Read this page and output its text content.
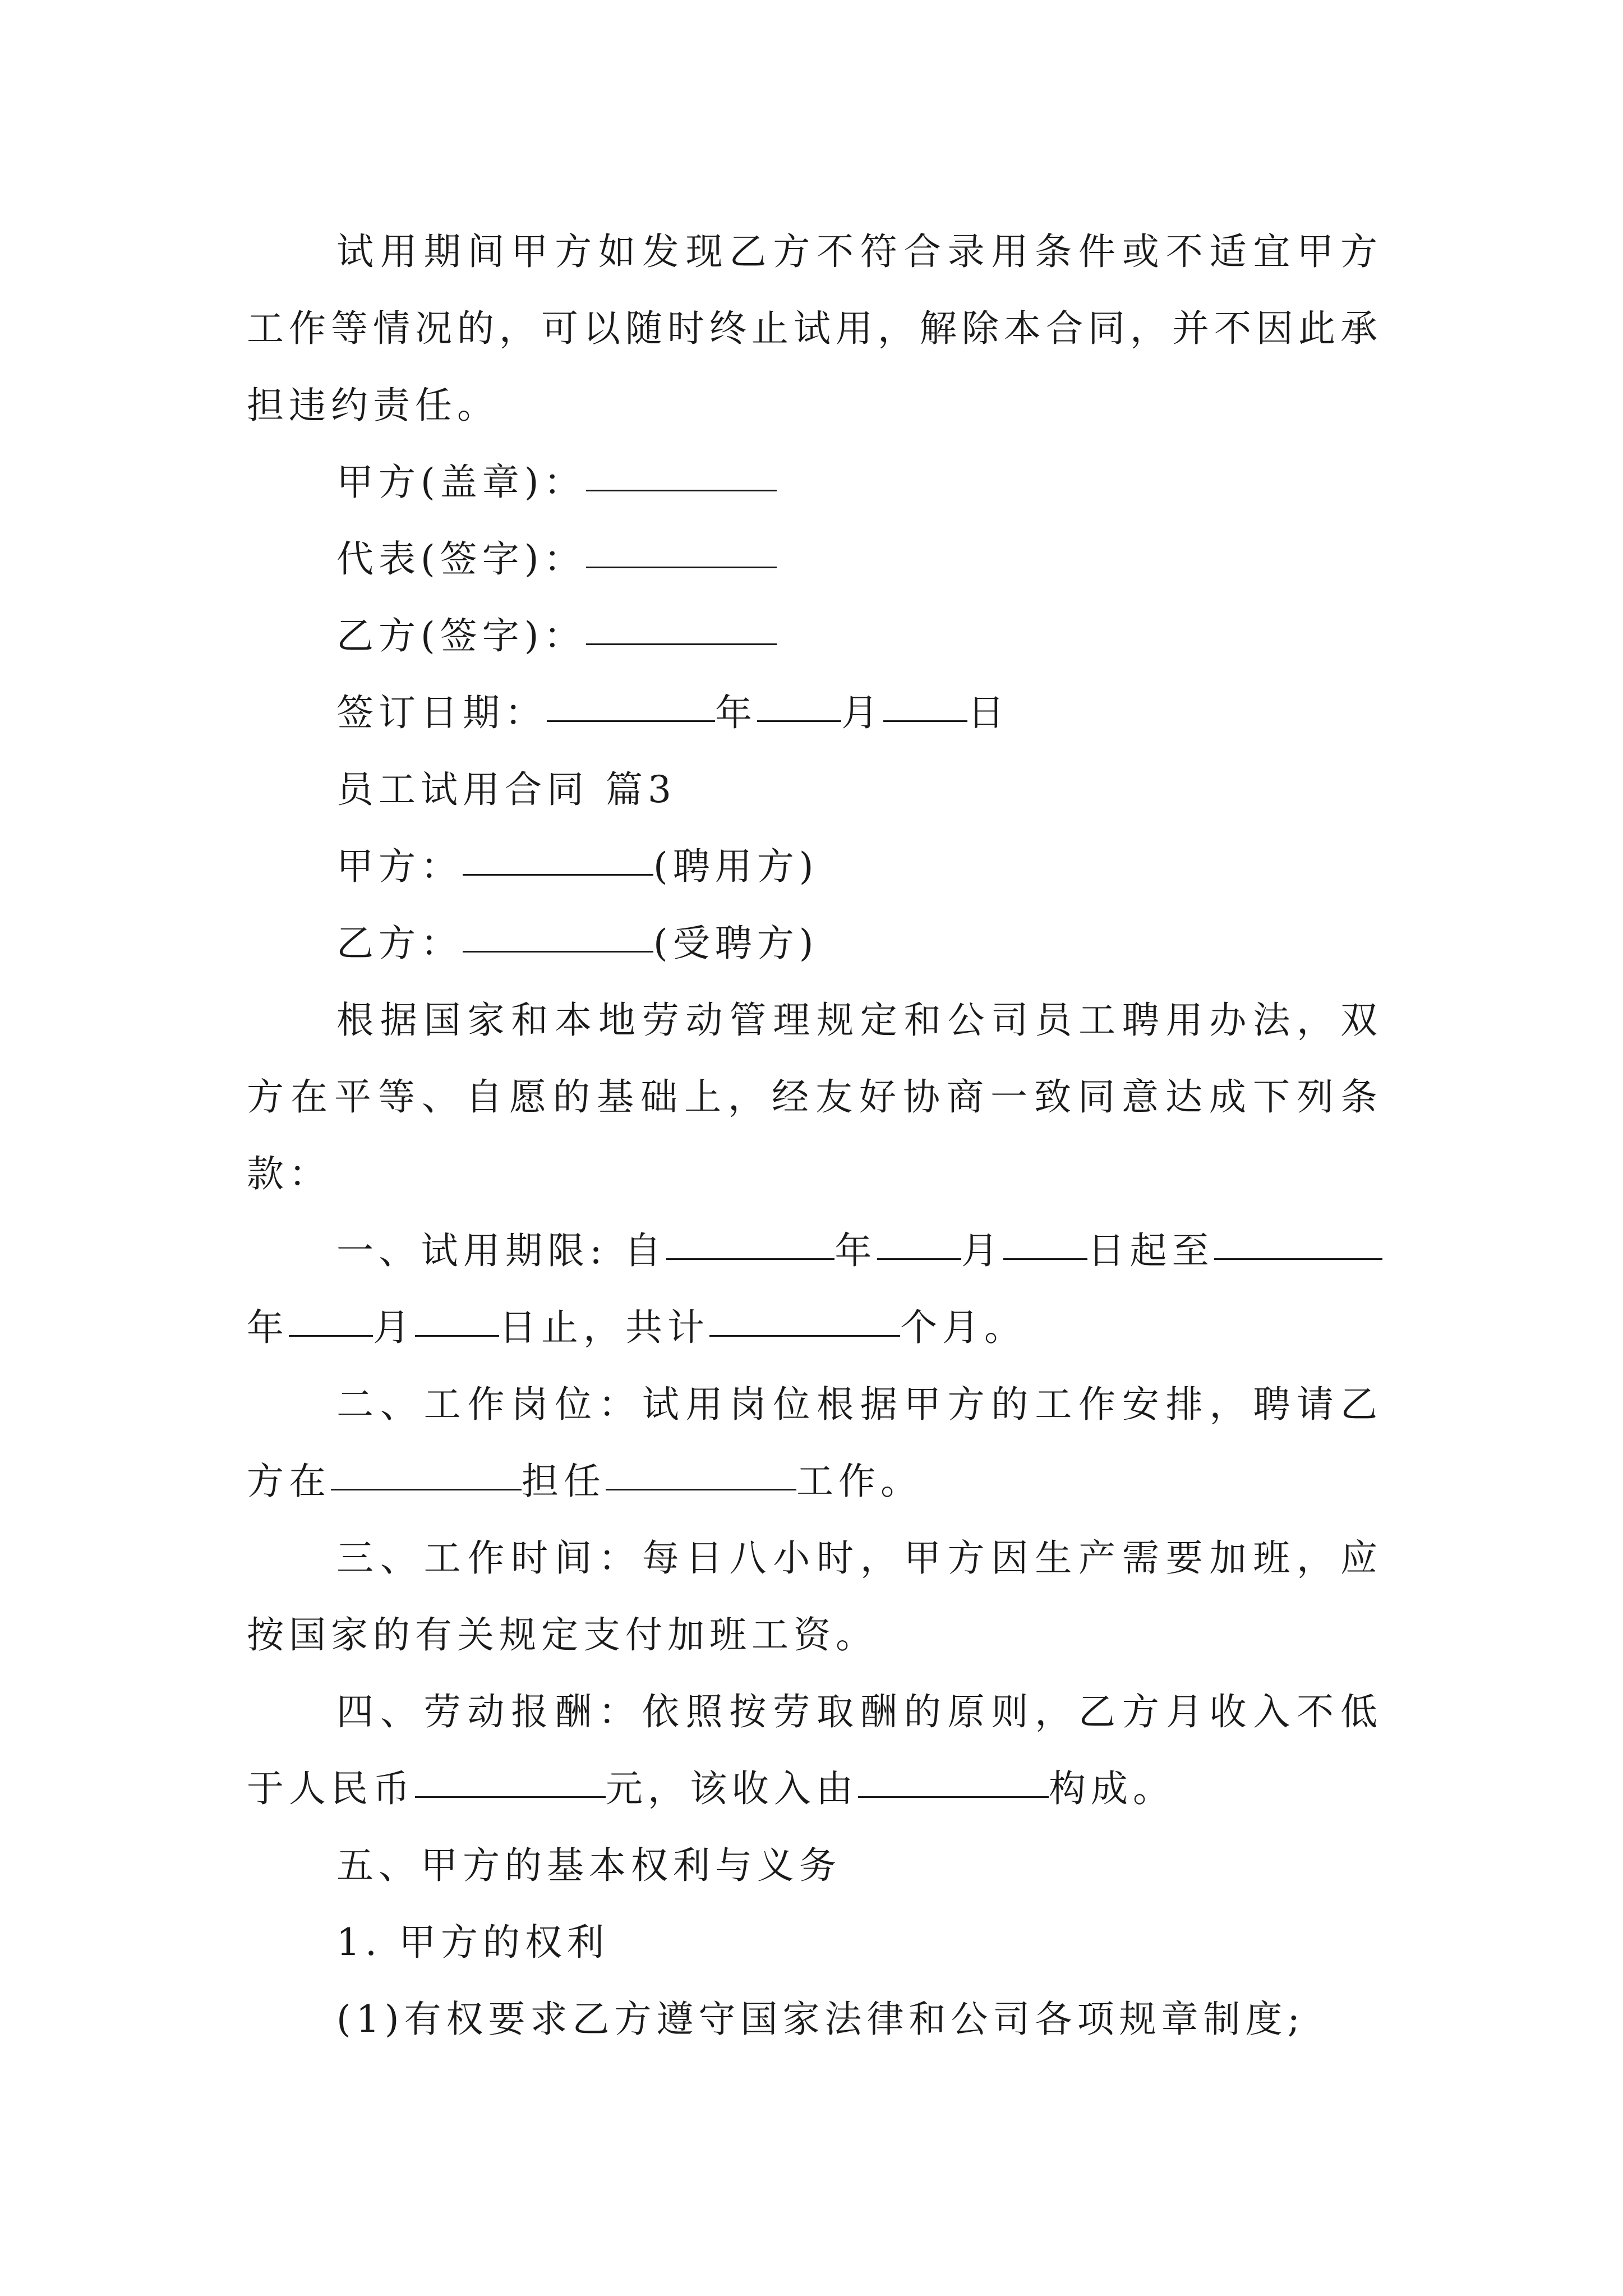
试用期间甲方如发现乙方不符合录用条件或不适宜甲方工作等情况的，可以随时终止试用，解除本合同，并不因此承担违约责任。

甲方(盖章)：
代表(签字)：
乙方(签字)：
签订日期：	年 月 日
员工试用合同 篇3
甲方：	(聘用方)
乙方：	(受聘方)

根据国家和本地劳动管理规定和公司员工聘用办法，双方在平等、自愿的基础上，经友好协商一致同意达成下列条款：

一、试用期限: 自	年 月 日起至年 月 日止，共计	个月。

二、工作岗位：试用岗位根据甲方的工作安排，聘请乙方在	担任	工作。

三、工作时间：每日八小时，甲方因生产需要加班，应按国家的有关规定支付加班工资。

四、劳动报酬：依照按劳取酬的原则，乙方月收入不低于人民币	元，该收入由	构成。

五、甲方的基本权利与义务
1. 甲方的权利
(1)有权要求乙方遵守国家法律和公司各项规章制度;
